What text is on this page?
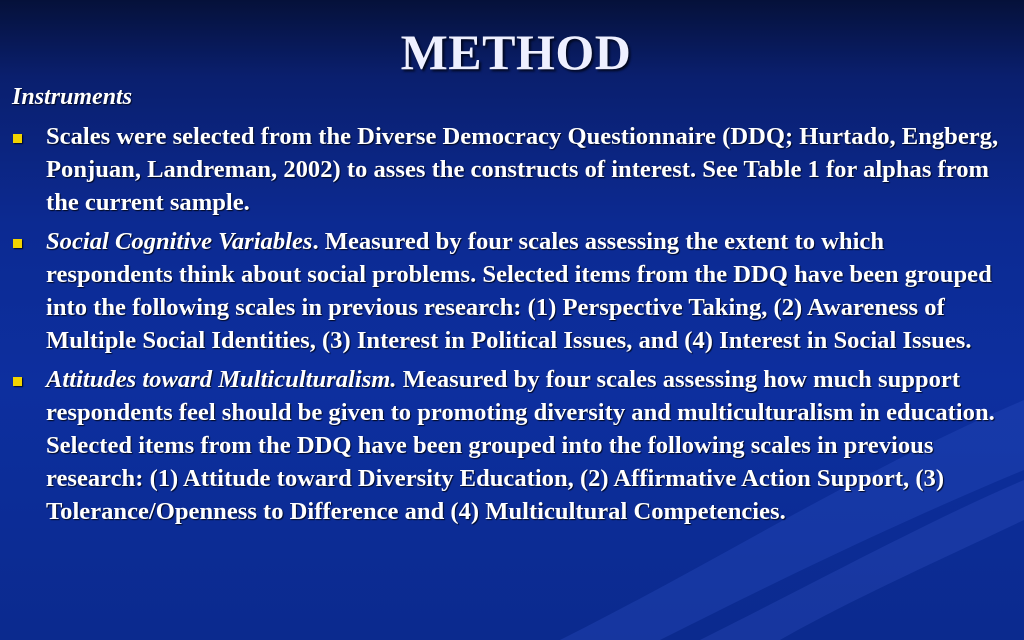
METHOD
Instruments
Scales were selected from the Diverse Democracy Questionnaire (DDQ; Hurtado, Engberg, Ponjuan, Landreman, 2002) to asses the constructs of interest. See Table 1 for alphas from the current sample.
Social Cognitive Variables. Measured by four scales assessing the extent to which respondents think about social problems. Selected items from the DDQ have been grouped into the following scales in previous research: (1) Perspective Taking, (2) Awareness of Multiple Social Identities, (3) Interest in Political Issues, and (4) Interest in Social Issues.
Attitudes toward Multiculturalism. Measured by four scales assessing how much support respondents feel should be given to promoting diversity and multiculturalism in education. Selected items from the DDQ have been grouped into the following scales in previous research: (1) Attitude toward Diversity Education, (2) Affirmative Action Support, (3) Tolerance/Openness to Difference and (4) Multicultural Competencies.
